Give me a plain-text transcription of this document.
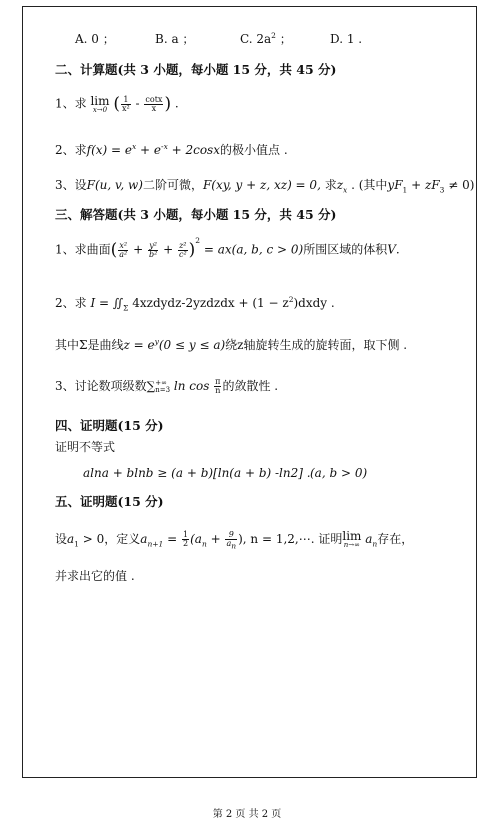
A. 0 ；	B. a ；	C. $2a^2$ ；	D. 1 .
二、计算题(共 3 小题，每小题 15 分，共 45 分)
1、求 lim
x→0 ( $\frac{1}{\text{x²}} - \frac{\cot x}{x}$ ) .
2、求$f(x) = e^x + e^{-x} + 2\cos x$的极小值点 .
3、设F(u, v, w)二阶可微，F(xy, y + z, xz) = 0, 求$z_x$ . (其中$yF_1 + zF_3 \ne 0$)
三、解答题(共 3 小题，每小题 15 分，共 45 分)
1、求曲面( $\frac{\text{x²}}{\text{a²}} + \frac{\text{y²}}{\text{b²}} + \frac{\text{z²}}{\text{c²}} )^2 = ax(a$, b, c > 0)所围区域的体积V.
2、求 $I = ∬_\Sigma$ 4xzdydz-2yzdzdx + $(1 - z^2)dxdy$ .
其中Σ是曲线$z = e^y(0 \le y \le a)$绕z轴旋转生成的旋转面，取下侧 .
3、讨论数项级数∑ +∞
n=3 $\ln \cos \frac{\pi}{n}$ 的敛散性 .
四、证明题(15 分)
证明不等式
alna + blnb ≥ (a + b)[ln(a + b) -ln2] . (a, b > 0)
五、证明题(15 分)
设$a_1 > 0$，定义$a_{n+1} = \frac{1}{2} (a_n + \frac{9}{a_n}$ ), n = 1,2,⋯. 证明 lim
n→∞ $a_n$存在，
并求出它的值 .
第 2 页 共 2 页
